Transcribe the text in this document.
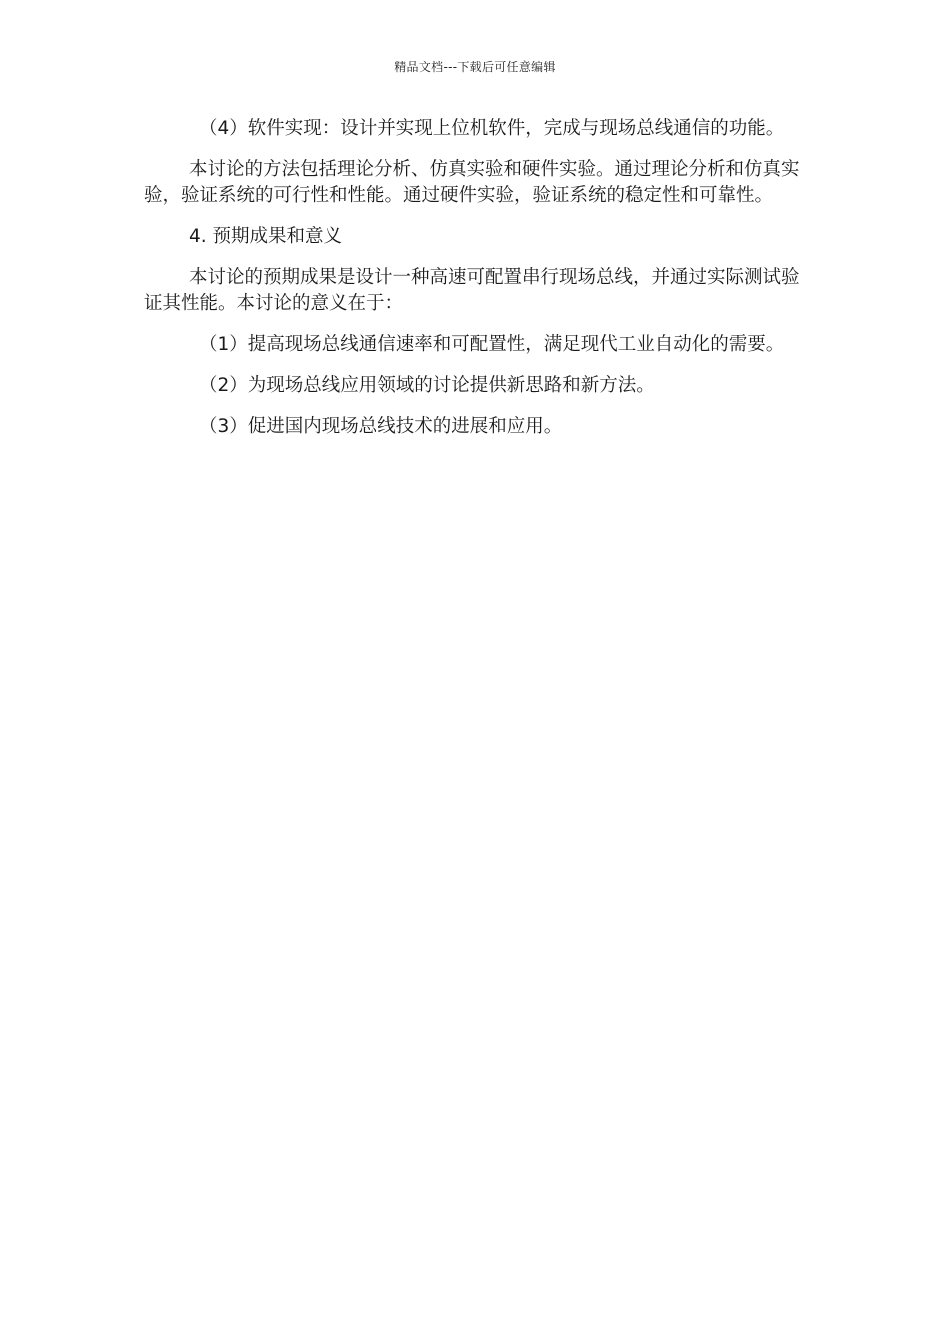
精品文档---下载后可任意编辑

（4）软件实现：设计并实现上位机软件，完成与现场总线通信的功能。

本讨论的方法包括理论分析、仿真实验和硬件实验。通过理论分析和仿真实验，验证系统的可行性和性能。通过硬件实验，验证系统的稳定性和可靠性。

4. 预期成果和意义

本讨论的预期成果是设计一种高速可配置串行现场总线，并通过实际测试验证其性能。本讨论的意义在于：

（1）提高现场总线通信速率和可配置性，满足现代工业自动化的需要。

（2）为现场总线应用领域的讨论提供新思路和新方法。

（3）促进国内现场总线技术的进展和应用。
